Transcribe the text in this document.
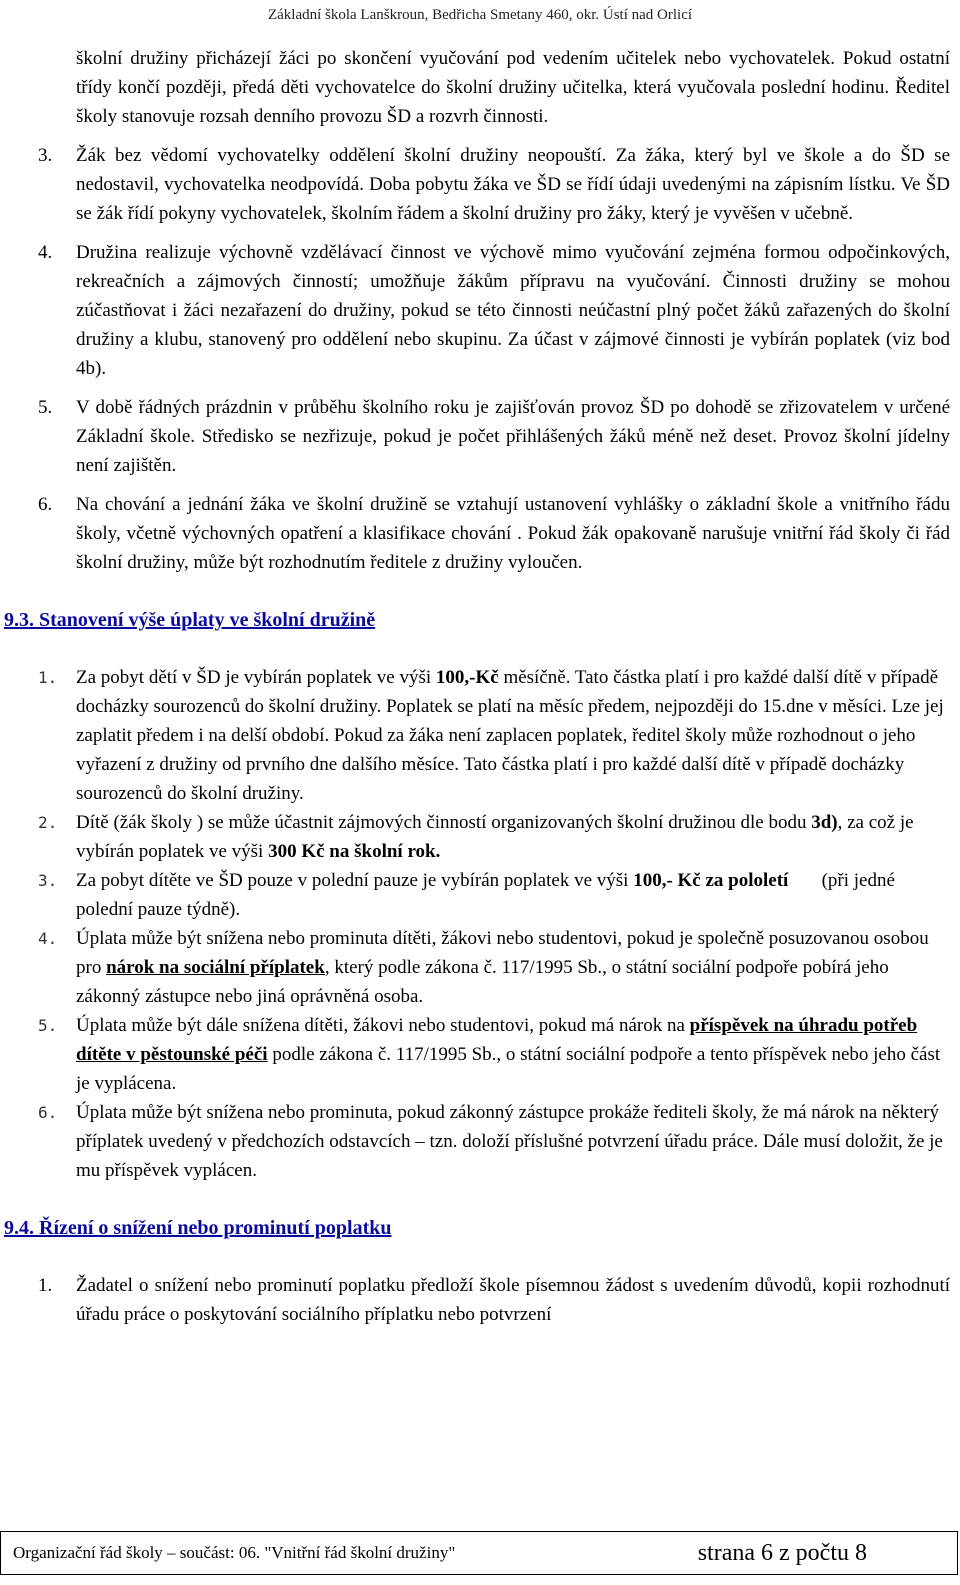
Základní škola Lanškroun, Bedřicha Smetany 460, okr. Ústí nad Orlicí

školní družiny přicházejí žáci po skončení vyučování pod vedením učitelek nebo vychovatelek. Pokud ostatní třídy končí později, předá děti vychovatelce do školní družiny učitelka, která vyučovala poslední hodinu. Ředitel školy stanovuje rozsah denního provozu ŠD a rozvrh činnosti.

3. Žák bez vědomí vychovatelky oddělení školní družiny neopouští. Za žáka, který byl ve škole a do ŠD se nedostavil, vychovatelka neodpovídá. Doba pobytu žáka ve ŠD se řídí údaji uvedenými na zápisním lístku. Ve ŠD se žák řídí pokyny vychovatelek, školním řádem a školní družiny pro žáky, který je vyvěšen v učebně.

4. Družina realizuje výchovně vzdělávací činnost ve výchově mimo vyučování zejména formou odpočinkových, rekreačních a zájmových činností; umožňuje žákům přípravu na vyučování. Činnosti družiny se mohou zúčastňovat i žáci nezařazení do družiny, pokud se této činnosti neúčastní plný počet žáků zařazených do školní družiny a klubu, stanovený pro oddělení nebo skupinu. Za účast v zájmové činnosti je vybírán poplatek (viz bod 4b).

5. V době řádných prázdnin v průběhu školního roku je zajišťován provoz ŠD po dohodě se zřizovatelem v určené Základní škole. Středisko se nezřizuje, pokud je počet přihlášených žáků méně než deset. Provoz školní jídelny není zajištěn.

6. Na chování a jednání žáka ve školní družině se vztahují ustanovení vyhlášky o základní škole a vnitřního řádu školy, včetně výchovných opatření a klasifikace chování . Pokud žák opakovaně narušuje vnitřní řád školy či řád školní družiny, může být rozhodnutím ředitele z družiny vyloučen.

9.3. Stanovení výše úplaty ve školní družině

1. Za pobyt dětí v ŠD je vybírán poplatek ve výši 100,-Kč měsíčně. Tato částka platí i pro každé další dítě v případě docházky sourozenců do školní družiny. Poplatek se platí na měsíc předem, nejpozději do 15.dne v měsíci. Lze jej zaplatit předem i na delší období. Pokud za žáka není zaplacen poplatek, ředitel školy může rozhodnout o jeho vyřazení z družiny od prvního dne dalšího měsíce. Tato částka platí i pro každé další dítě v případě docházky sourozenců do školní družiny.

2. Dítě (žák školy ) se může účastnit zájmových činností organizovaných školní družinou dle bodu 3d), za což je vybírán poplatek ve výši 300 Kč na školní rok.

3. Za pobyt dítěte ve ŠD pouze v polední pauze je vybírán poplatek ve výši 100,- Kč za pololetí       (při jedné polední pauze týdně).

4. Úplata může být snížena nebo prominuta dítěti, žákovi nebo studentovi, pokud je společně posuzovanou osobou pro nárok na sociální příplatek, který podle zákona č. 117/1995 Sb., o státní sociální podpoře pobírá jeho zákonný zástupce nebo jiná oprávněná osoba.

5. Úplata může být dále snížena dítěti, žákovi nebo studentovi, pokud má nárok na příspěvek na úhradu potřeb dítěte v pěstounské péči podle zákona č. 117/1995 Sb., o státní sociální podpoře a tento příspěvek nebo jeho část je vyplácena.

6. Úplata může být snížena nebo prominuta, pokud zákonný zástupce prokáže řediteli školy, že má nárok na některý příplatek uvedený v předchozích odstavcích – tzn. doloží příslušné potvrzení úřadu práce. Dále musí doložit, že je mu příspěvek vyplácen.

9.4. Řízení o snížení nebo prominutí poplatku

1. Žadatel o snížení nebo prominutí poplatku předloží škole písemnou žádost s uvedením důvodů, kopii rozhodnutí úřadu práce o poskytování sociálního příplatku nebo potvrzení

Organizační řád školy – součást: 06. "Vnitřní řád školní družiny"	strana 6 z počtu 8
